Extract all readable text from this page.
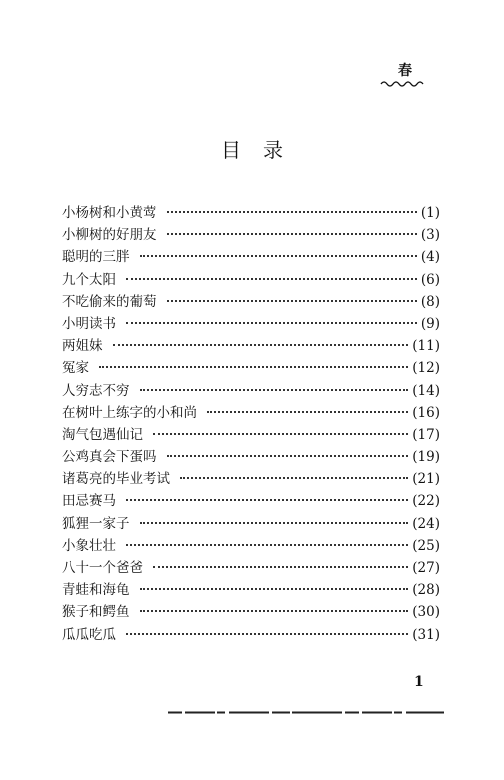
春
目录
小杨树和小黄莺	(1)
小柳树的好朋友	(3)
聪明的三胖	(4)
九个太阳	(6)
不吃偷来的葡萄	(8)
小明读书	(9)
两姐妹	(11)
冤家	(12)
人穷志不穷	(14)
在树叶上练字的小和尚	(16)
淘气包遇仙记	(17)
公鸡真会下蛋吗	(19)
诸葛亮的毕业考试	(21)
田忌赛马	(22)
狐狸一家子	(24)
小象壮壮	(25)
八十一个爸爸	(27)
青蛙和海龟	(28)
猴子和鳄鱼	(30)
瓜瓜吃瓜	(31)
1
